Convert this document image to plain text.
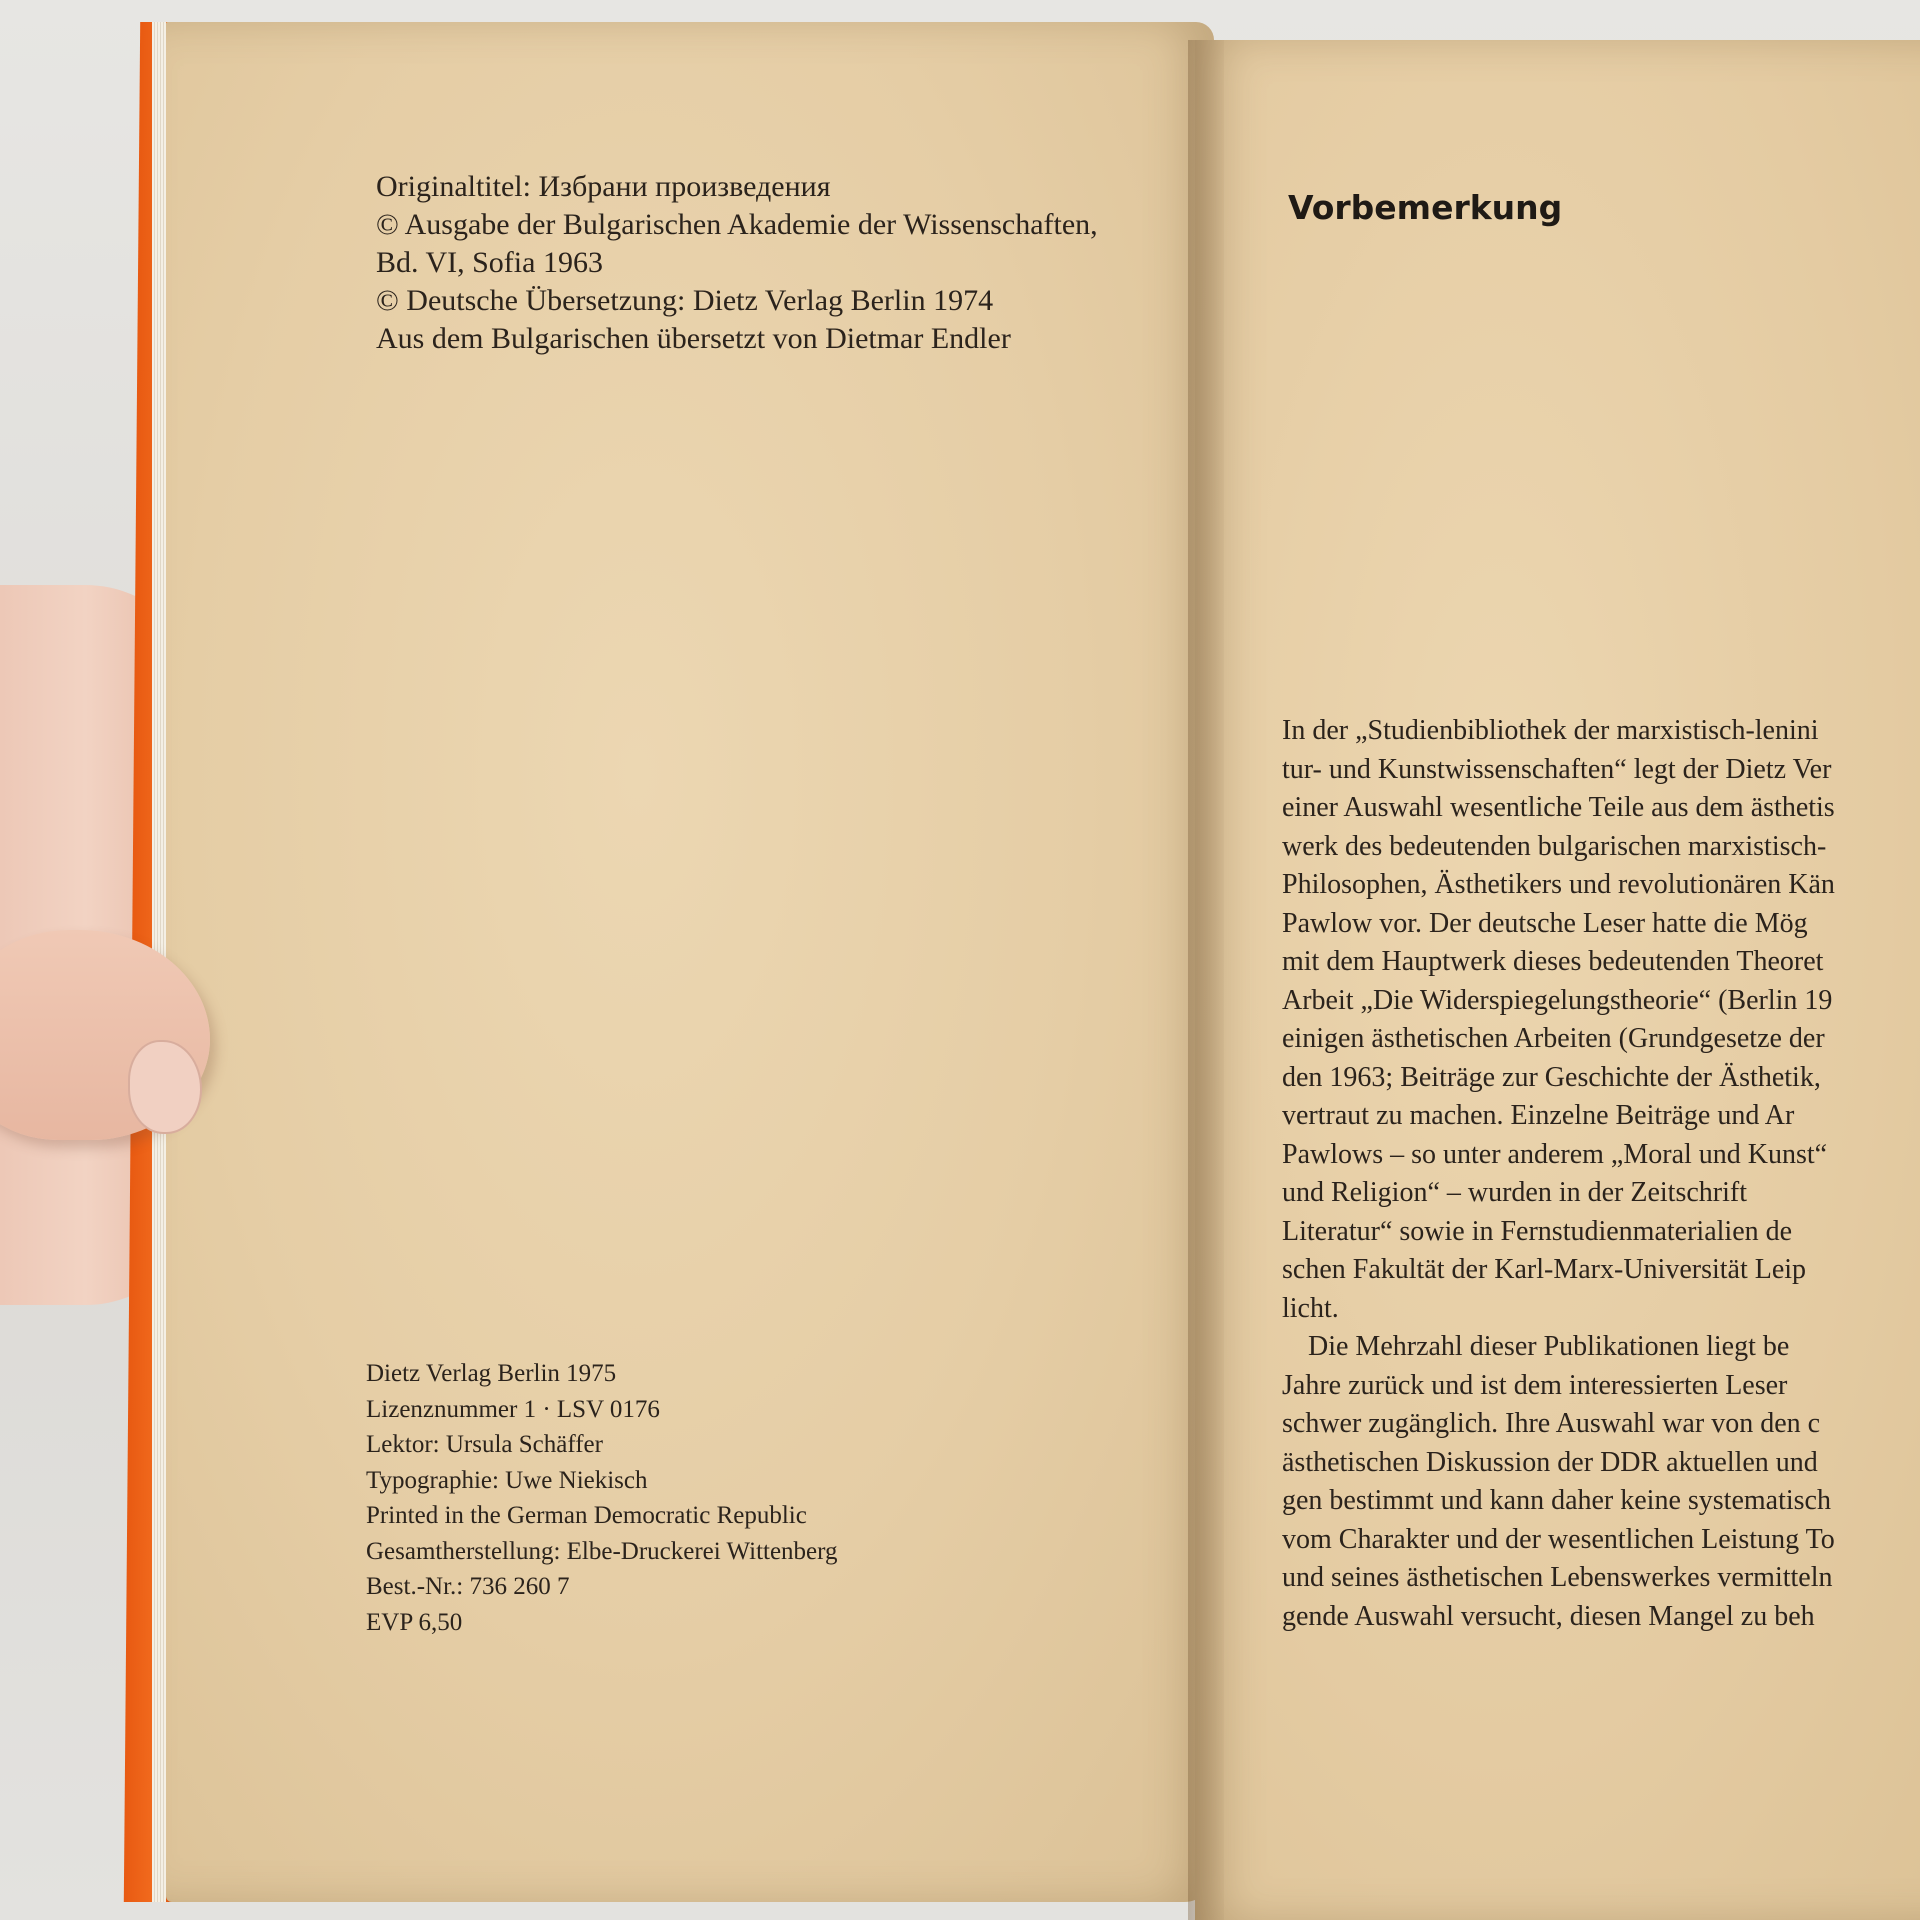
Originaltitel: Избрани произведения
© Ausgabe der Bulgarischen Akademie der Wissenschaften,
Bd. VI, Sofia 1963
© Deutsche Übersetzung: Dietz Verlag Berlin 1974
Aus dem Bulgarischen übersetzt von Dietmar Endler
Dietz Verlag Berlin 1975
Lizenznummer 1 · LSV 0176
Lektor: Ursula Schäffer
Typographie: Uwe Niekisch
Printed in the German Democratic Republic
Gesamtherstellung: Elbe-Druckerei Wittenberg
Best.-Nr.: 736 260 7
EVP 6,50
Vorbemerkung

In der „Studienbibliothek der marxistisch-lenini
tur- und Kunstwissenschaften“ legt der Dietz Ver
einer Auswahl wesentliche Teile aus dem ästhetis
werk des bedeutenden bulgarischen marxistisch-
Philosophen, Ästhetikers und revolutionären Kän
Pawlow vor. Der deutsche Leser hatte die Mög
mit dem Hauptwerk dieses bedeutenden Theoret
Arbeit „Die Widerspiegelungstheorie“ (Berlin 19
einigen ästhetischen Arbeiten (Grundgesetze der
den 1963; Beiträge zur Geschichte der Ästhetik,
vertraut zu machen. Einzelne Beiträge und Ar
Pawlows – so unter anderem „Moral und Kunst“
und Religion“ – wurden in der Zeitschrift
Literatur“ sowie in Fernstudienmaterialien de
schen Fakultät der Karl-Marx-Universität Leip
licht.

Die Mehrzahl dieser Publikationen liegt be
Jahre zurück und ist dem interessierten Leser
schwer zugänglich. Ihre Auswahl war von den c
ästhetischen Diskussion der DDR aktuellen und
gen bestimmt und kann daher keine systematisch
vom Charakter und der wesentlichen Leistung To
und seines ästhetischen Lebenswerkes vermitteln
gende Auswahl versucht, diesen Mangel zu beh
